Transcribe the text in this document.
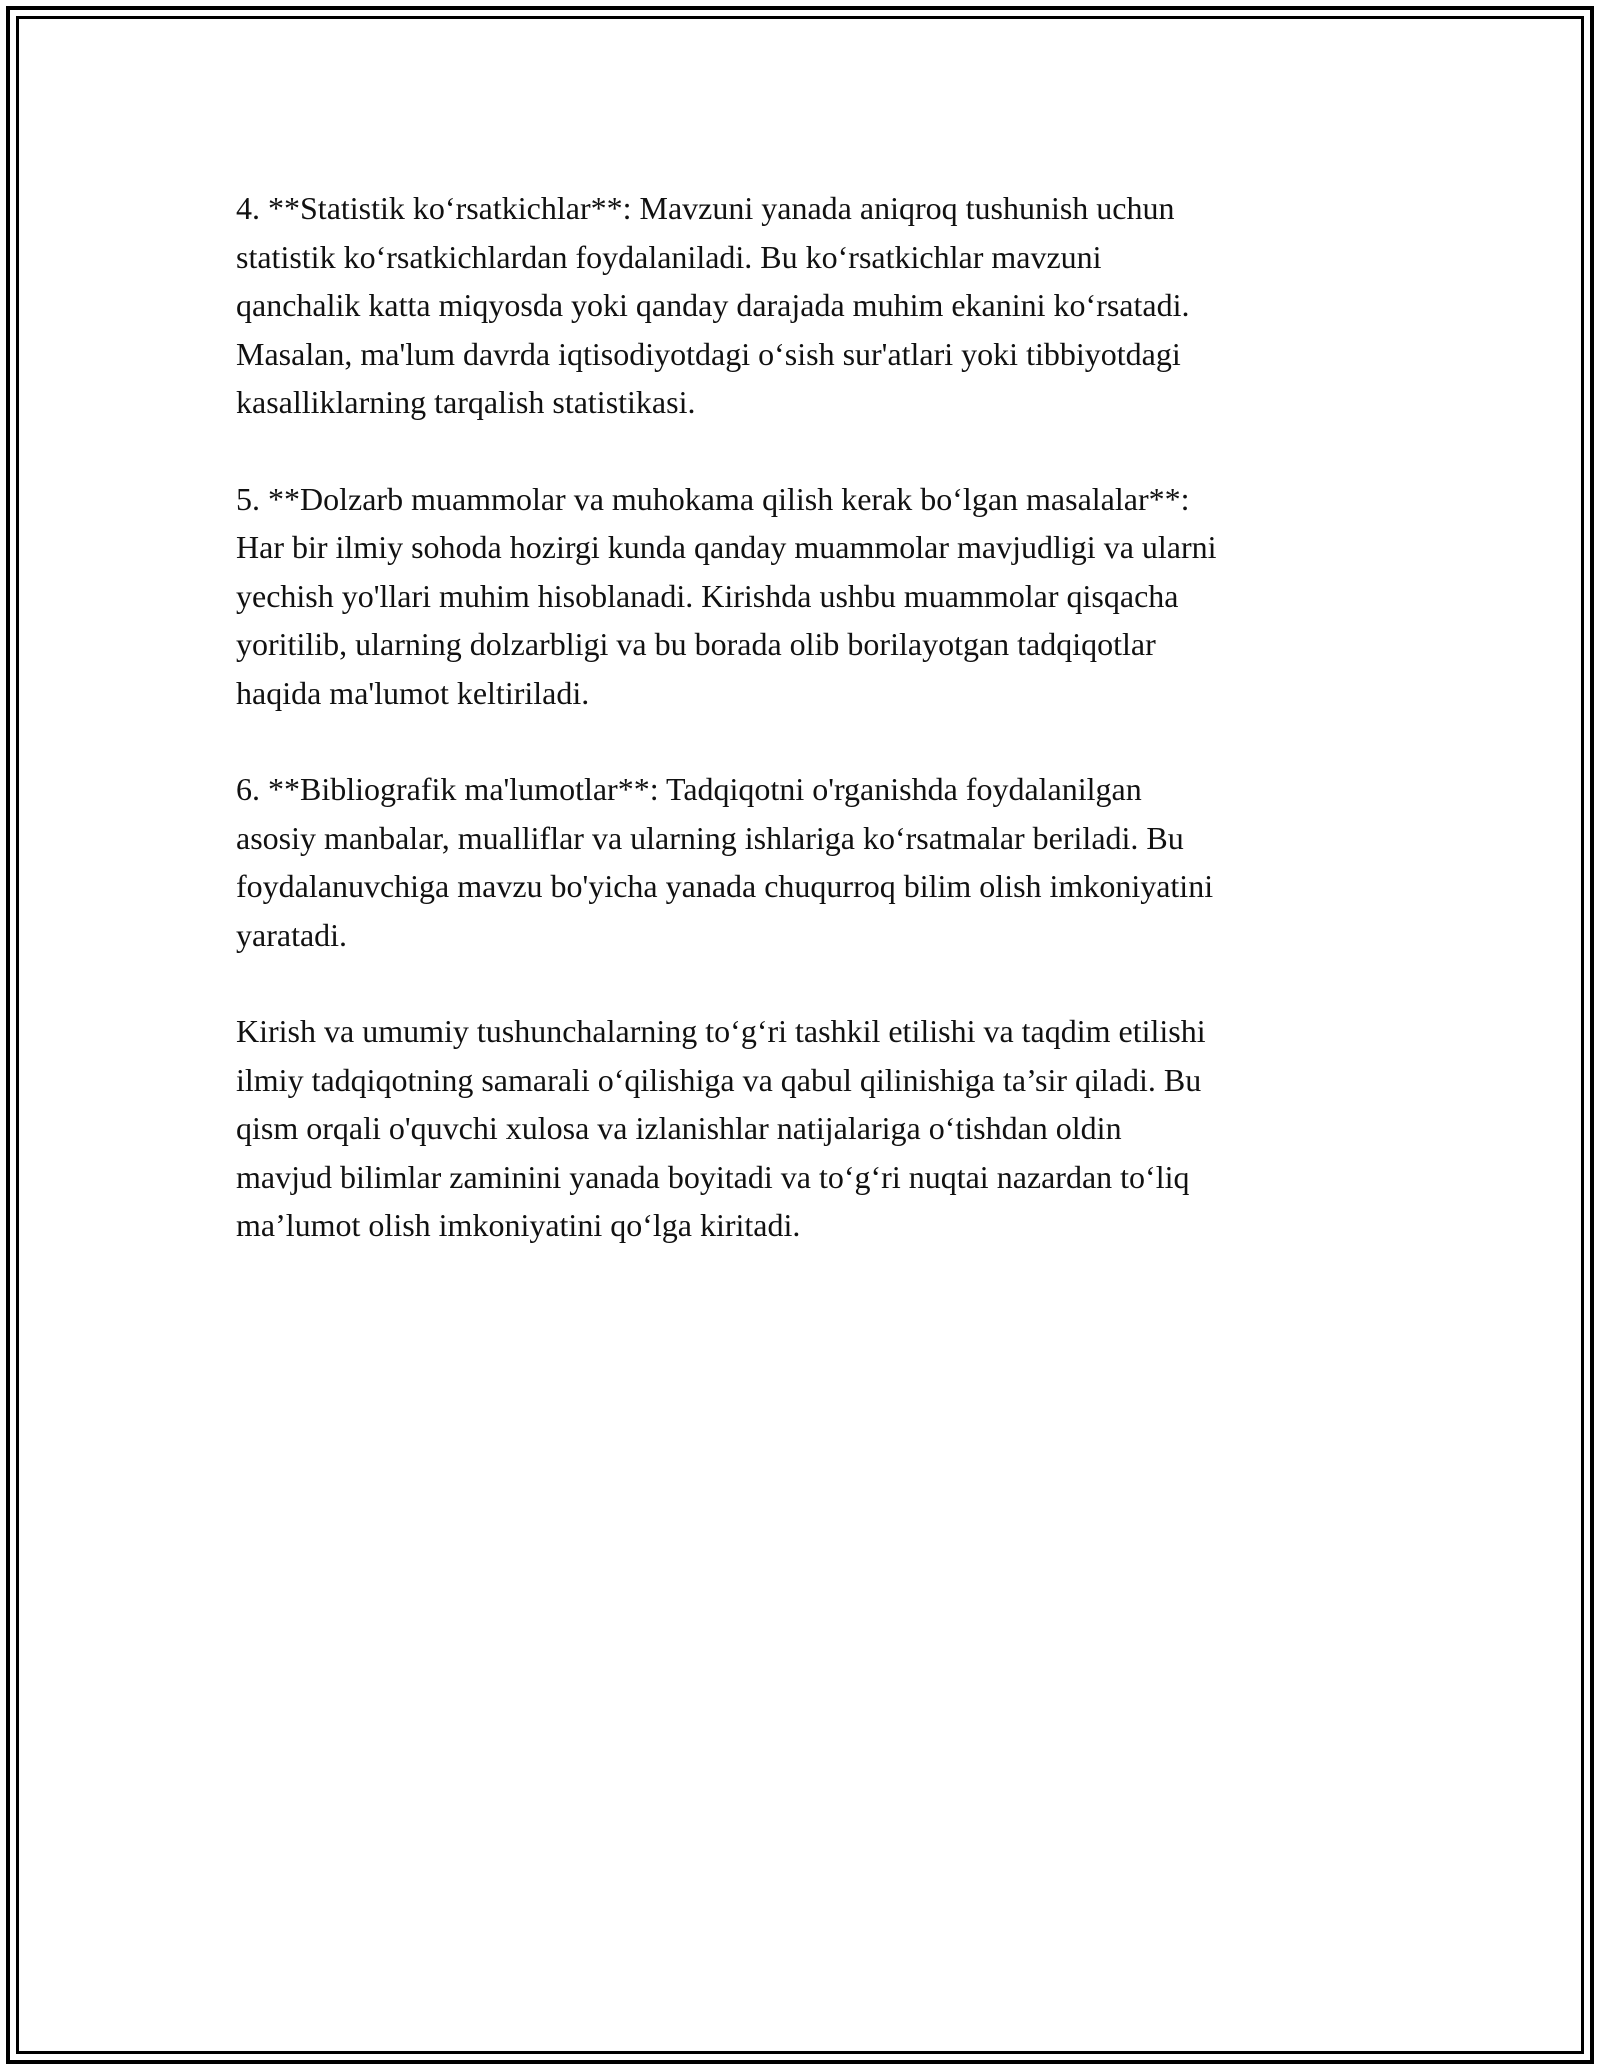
4. **Statistik ko‘rsatkichlar**: Mavzuni yanada aniqroq tushunish uchun
statistik ko‘rsatkichlardan foydalaniladi. Bu ko‘rsatkichlar mavzuni
qanchalik katta miqyosda yoki qanday darajada muhim ekanini ko‘rsatadi.
Masalan, ma'lum davrda iqtisodiyotdagi o‘sish sur'atlari yoki tibbiyotdagi
kasalliklarning tarqalish statistikasi.

5. **Dolzarb muammolar va muhokama qilish kerak bo‘lgan masalalar**:
Har bir ilmiy sohoda hozirgi kunda qanday muammolar mavjudligi va ularni
yechish yo'llari muhim hisoblanadi. Kirishda ushbu muammolar qisqacha
yoritilib, ularning dolzarbligi va bu borada olib borilayotgan tadqiqotlar
haqida ma'lumot keltiriladi.

6. **Bibliografik ma'lumotlar**: Tadqiqotni o'rganishda foydalanilgan
asosiy manbalar, mualliflar va ularning ishlariga ko‘rsatmalar beriladi. Bu
foydalanuvchiga mavzu bo'yicha yanada chuqurroq bilim olish imkoniyatini
yaratadi.

Kirish va umumiy tushunchalarning to‘g‘ri tashkil etilishi va taqdim etilishi
ilmiy tadqiqotning samarali o‘qilishiga va qabul qilinishiga ta’sir qiladi. Bu
qism orqali o'quvchi xulosa va izlanishlar natijalariga o‘tishdan oldin
mavjud bilimlar zaminini yanada boyitadi va to‘g‘ri nuqtai nazardan to‘liq
ma’lumot olish imkoniyatini qo‘lga kiritadi.
